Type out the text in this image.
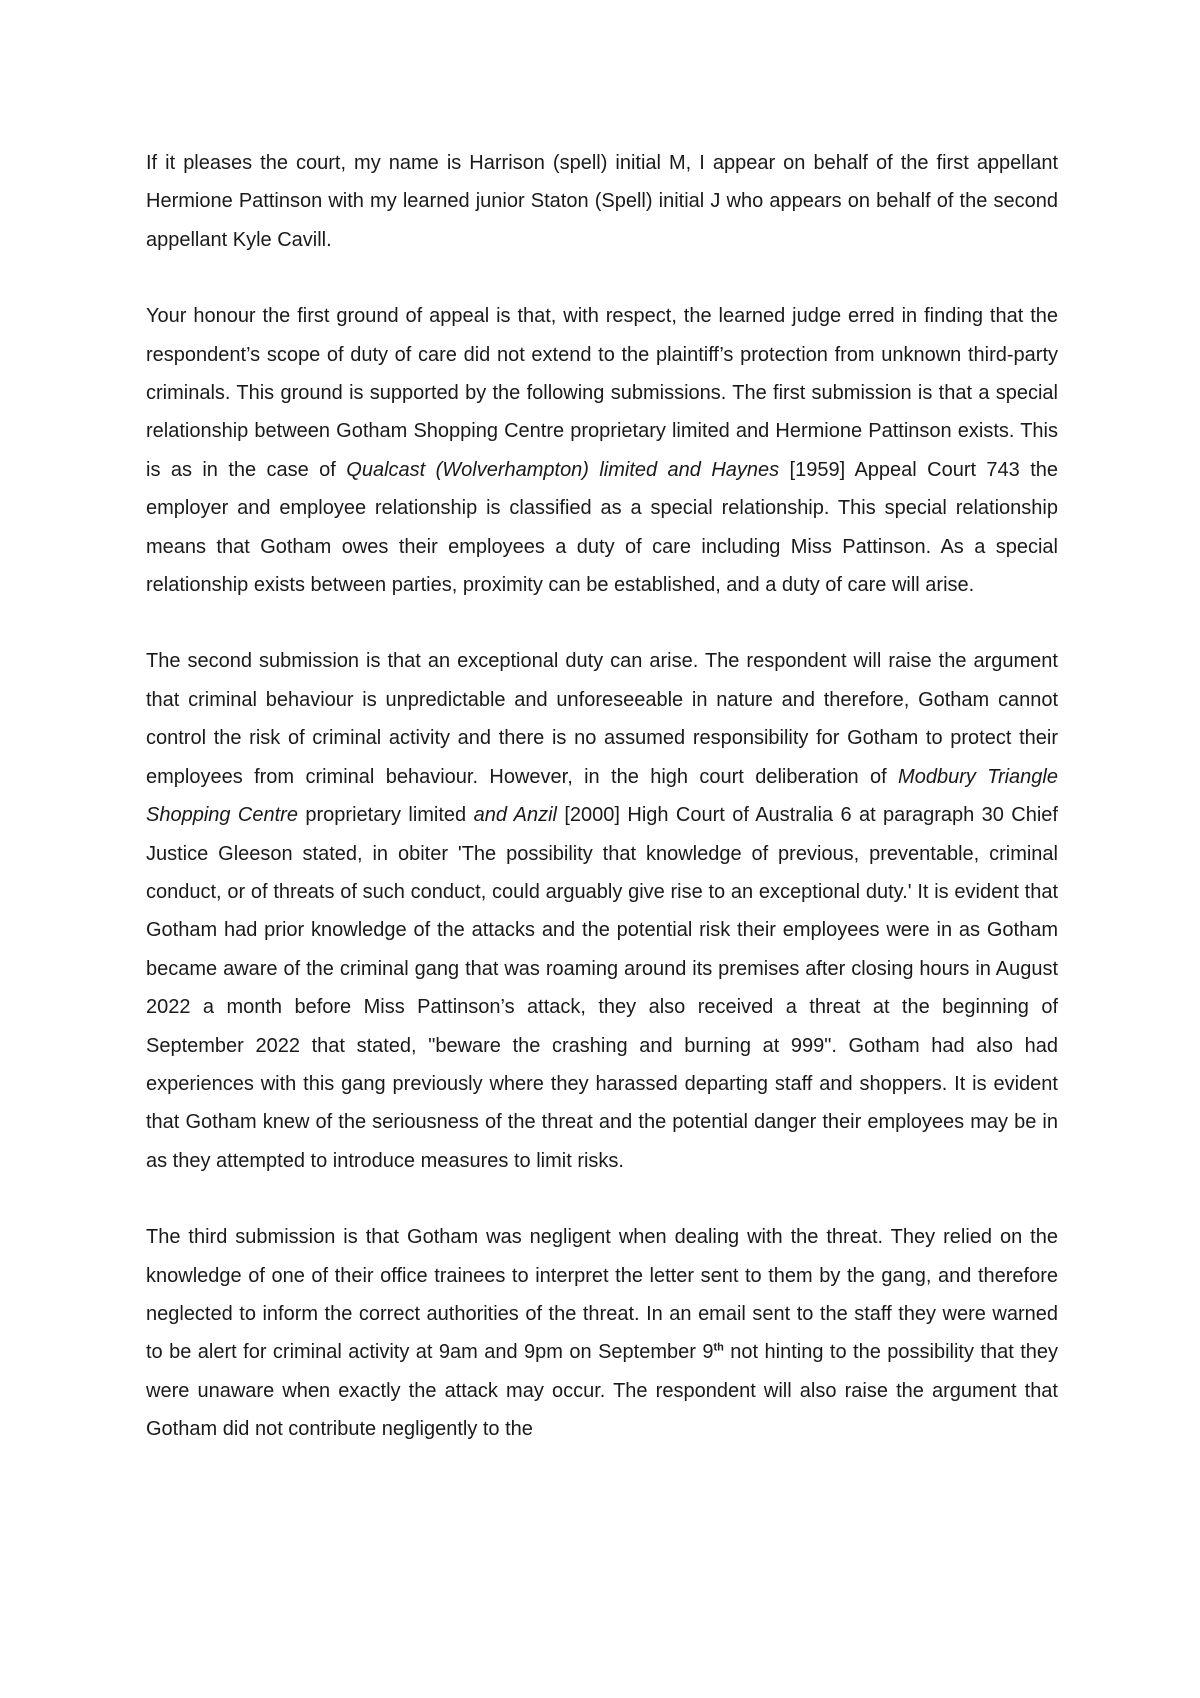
If it pleases the court, my name is Harrison (spell) initial M, I appear on behalf of the first appellant Hermione Pattinson with my learned junior Staton (Spell) initial J who appears on behalf of the second appellant Kyle Cavill.

Your honour the first ground of appeal is that, with respect, the learned judge erred in finding that the respondent’s scope of duty of care did not extend to the plaintiff’s protection from unknown third-party criminals. This ground is supported by the following submissions. The first submission is that a special relationship between Gotham Shopping Centre proprietary limited and Hermione Pattinson exists. This is as in the case of Qualcast (Wolverhampton) limited and Haynes [1959] Appeal Court 743 the employer and employee relationship is classified as a special relationship. This special relationship means that Gotham owes their employees a duty of care including Miss Pattinson. As a special relationship exists between parties, proximity can be established, and a duty of care will arise.

The second submission is that an exceptional duty can arise. The respondent will raise the argument that criminal behaviour is unpredictable and unforeseeable in nature and therefore, Gotham cannot control the risk of criminal activity and there is no assumed responsibility for Gotham to protect their employees from criminal behaviour. However, in the high court deliberation of Modbury Triangle Shopping Centre proprietary limited and Anzil [2000] High Court of Australia 6 at paragraph 30 Chief Justice Gleeson stated, in obiter 'The possibility that knowledge of previous, preventable, criminal conduct, or of threats of such conduct, could arguably give rise to an exceptional duty.' It is evident that Gotham had prior knowledge of the attacks and the potential risk their employees were in as Gotham became aware of the criminal gang that was roaming around its premises after closing hours in August 2022 a month before Miss Pattinson’s attack, they also received a threat at the beginning of September 2022 that stated, "beware the crashing and burning at 999". Gotham had also had experiences with this gang previously where they harassed departing staff and shoppers. It is evident that Gotham knew of the seriousness of the threat and the potential danger their employees may be in as they attempted to introduce measures to limit risks.

The third submission is that Gotham was negligent when dealing with the threat. They relied on the knowledge of one of their office trainees to interpret the letter sent to them by the gang, and therefore neglected to inform the correct authorities of the threat. In an email sent to the staff they were warned to be alert for criminal activity at 9am and 9pm on September 9th not hinting to the possibility that they were unaware when exactly the attack may occur. The respondent will also raise the argument that Gotham did not contribute negligently to the
